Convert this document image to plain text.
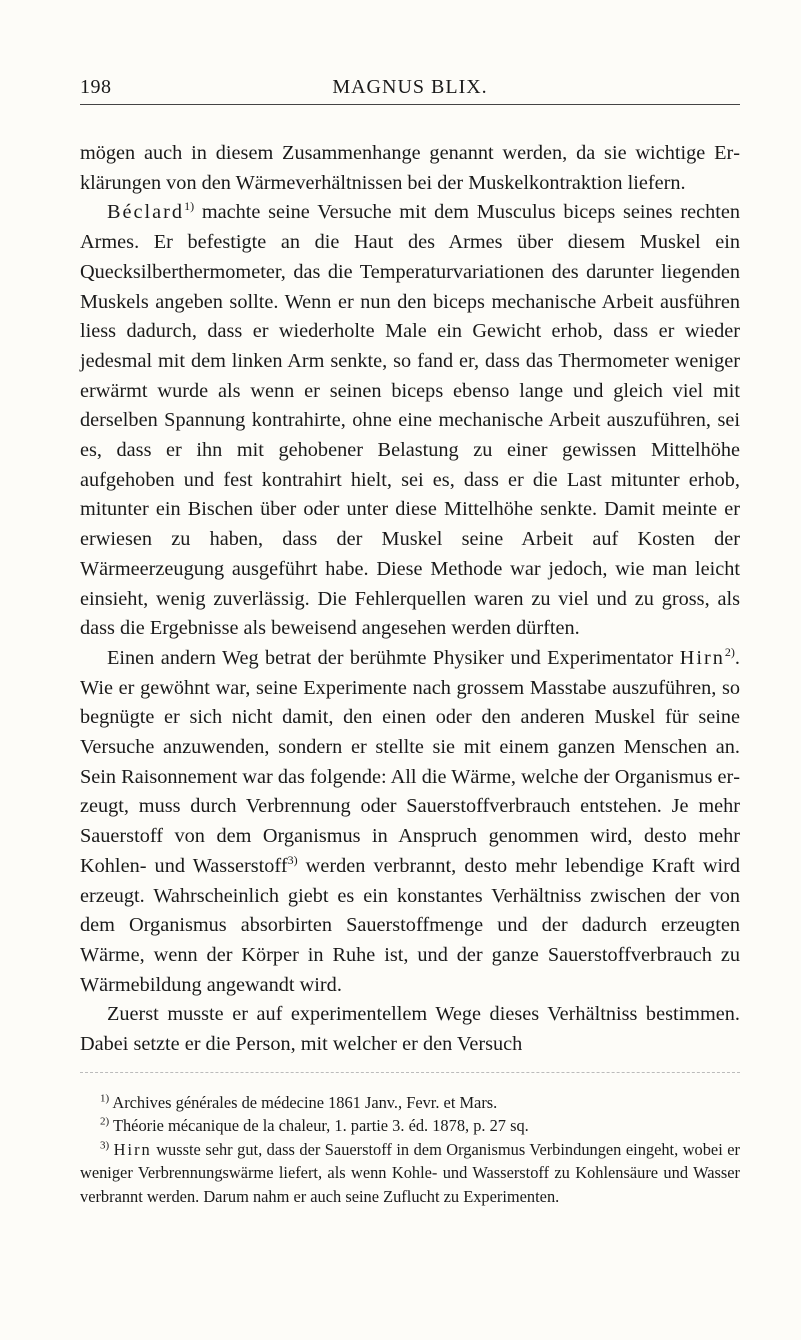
198	MAGNUS BLIX.

mögen auch in diesem Zusammenhange genannt werden, da sie wichtige Erklärungen von den Wärmeverhältnissen bei der Muskelkontraktion liefern.

Béclard$^{1)}$ machte seine Versuche mit dem Musculus biceps seines rechten Armes. Er befestigte an die Haut des Armes über diesem Muskel ein Quecksilberthermometer, das die Temperaturvariationen des darunter liegenden Muskels angeben sollte. Wenn er nun den biceps mechanische Arbeit ausführen liess dadurch, dass er wiederholte Male ein Gewicht erhob, dass er wieder jedesmal mit dem linken Arm senkte, so fand er, dass das Thermometer weniger erwärmt wurde als wenn er seinen biceps ebenso lange und gleich viel mit derselben Spannung kontrahirte, ohne eine mechanische Arbeit auszuführen, sei es, dass er ihn mit gehobener Belastung zu einer gewissen Mittelhöhe aufgehoben und fest kontrahirt hielt, sei es, dass er die Last mitunter erhob, mitunter ein Bischen über oder unter diese Mittelhöhe senkte. Damit meinte er erwiesen zu haben, dass der Muskel seine Arbeit auf Kosten der Wärmeerzeugung ausgeführt habe. Diese Methode war jedoch, wie man leicht einsieht, wenig zuverlässig. Die Fehlerquellen waren zu viel und zu gross, als dass die Ergebnisse als beweisend angesehen werden dürften.

Einen andern Weg betrat der berühmte Physiker und Experimentator Hirn$^{2)}$. Wie er gewöhnt war, seine Experimente nach grossem Masstabe auszuführen, so begnügte er sich nicht damit, den einen oder den anderen Muskel für seine Versuche anzuwenden, sondern er stellte sie mit einem ganzen Menschen an. Sein Raisonnement war das folgende: All die Wärme, welche der Organismus erzeugt, muss durch Verbrennung oder Sauerstoffverbrauch entstehen. Je mehr Sauerstoff von dem Organismus in Anspruch genommen wird, desto mehr Kohlen- und Wasserstoff$^{3)}$ werden verbrannt, desto mehr lebendige Kraft wird erzeugt. Wahrscheinlich giebt es ein konstantes Verhältniss zwischen der von dem Organismus absorbirten Sauerstoffmenge und der dadurch erzeugten Wärme, wenn der Körper in Ruhe ist, und der ganze Sauerstoffverbrauch zu Wärmebildung angewandt wird.

Zuerst musste er auf experimentellem Wege dieses Verhältniss bestimmen. Dabei setzte er die Person, mit welcher er den Versuch

$^{1)}$ Archives générales de médecine 1861 Janv., Fevr. et Mars.

$^{2)}$ Théorie mécanique de la chaleur, 1. partie 3. éd. 1878, p. 27 sq.

$^{3)}$ Hirn wusste sehr gut, dass der Sauerstoff in dem Organismus Verbindungen eingeht, wobei er weniger Verbrennungswärme liefert, als wenn Kohle- und Wasserstoff zu Kohlensäure und Wasser verbrannt werden. Darum nahm er auch seine Zuflucht zu Experimenten.
